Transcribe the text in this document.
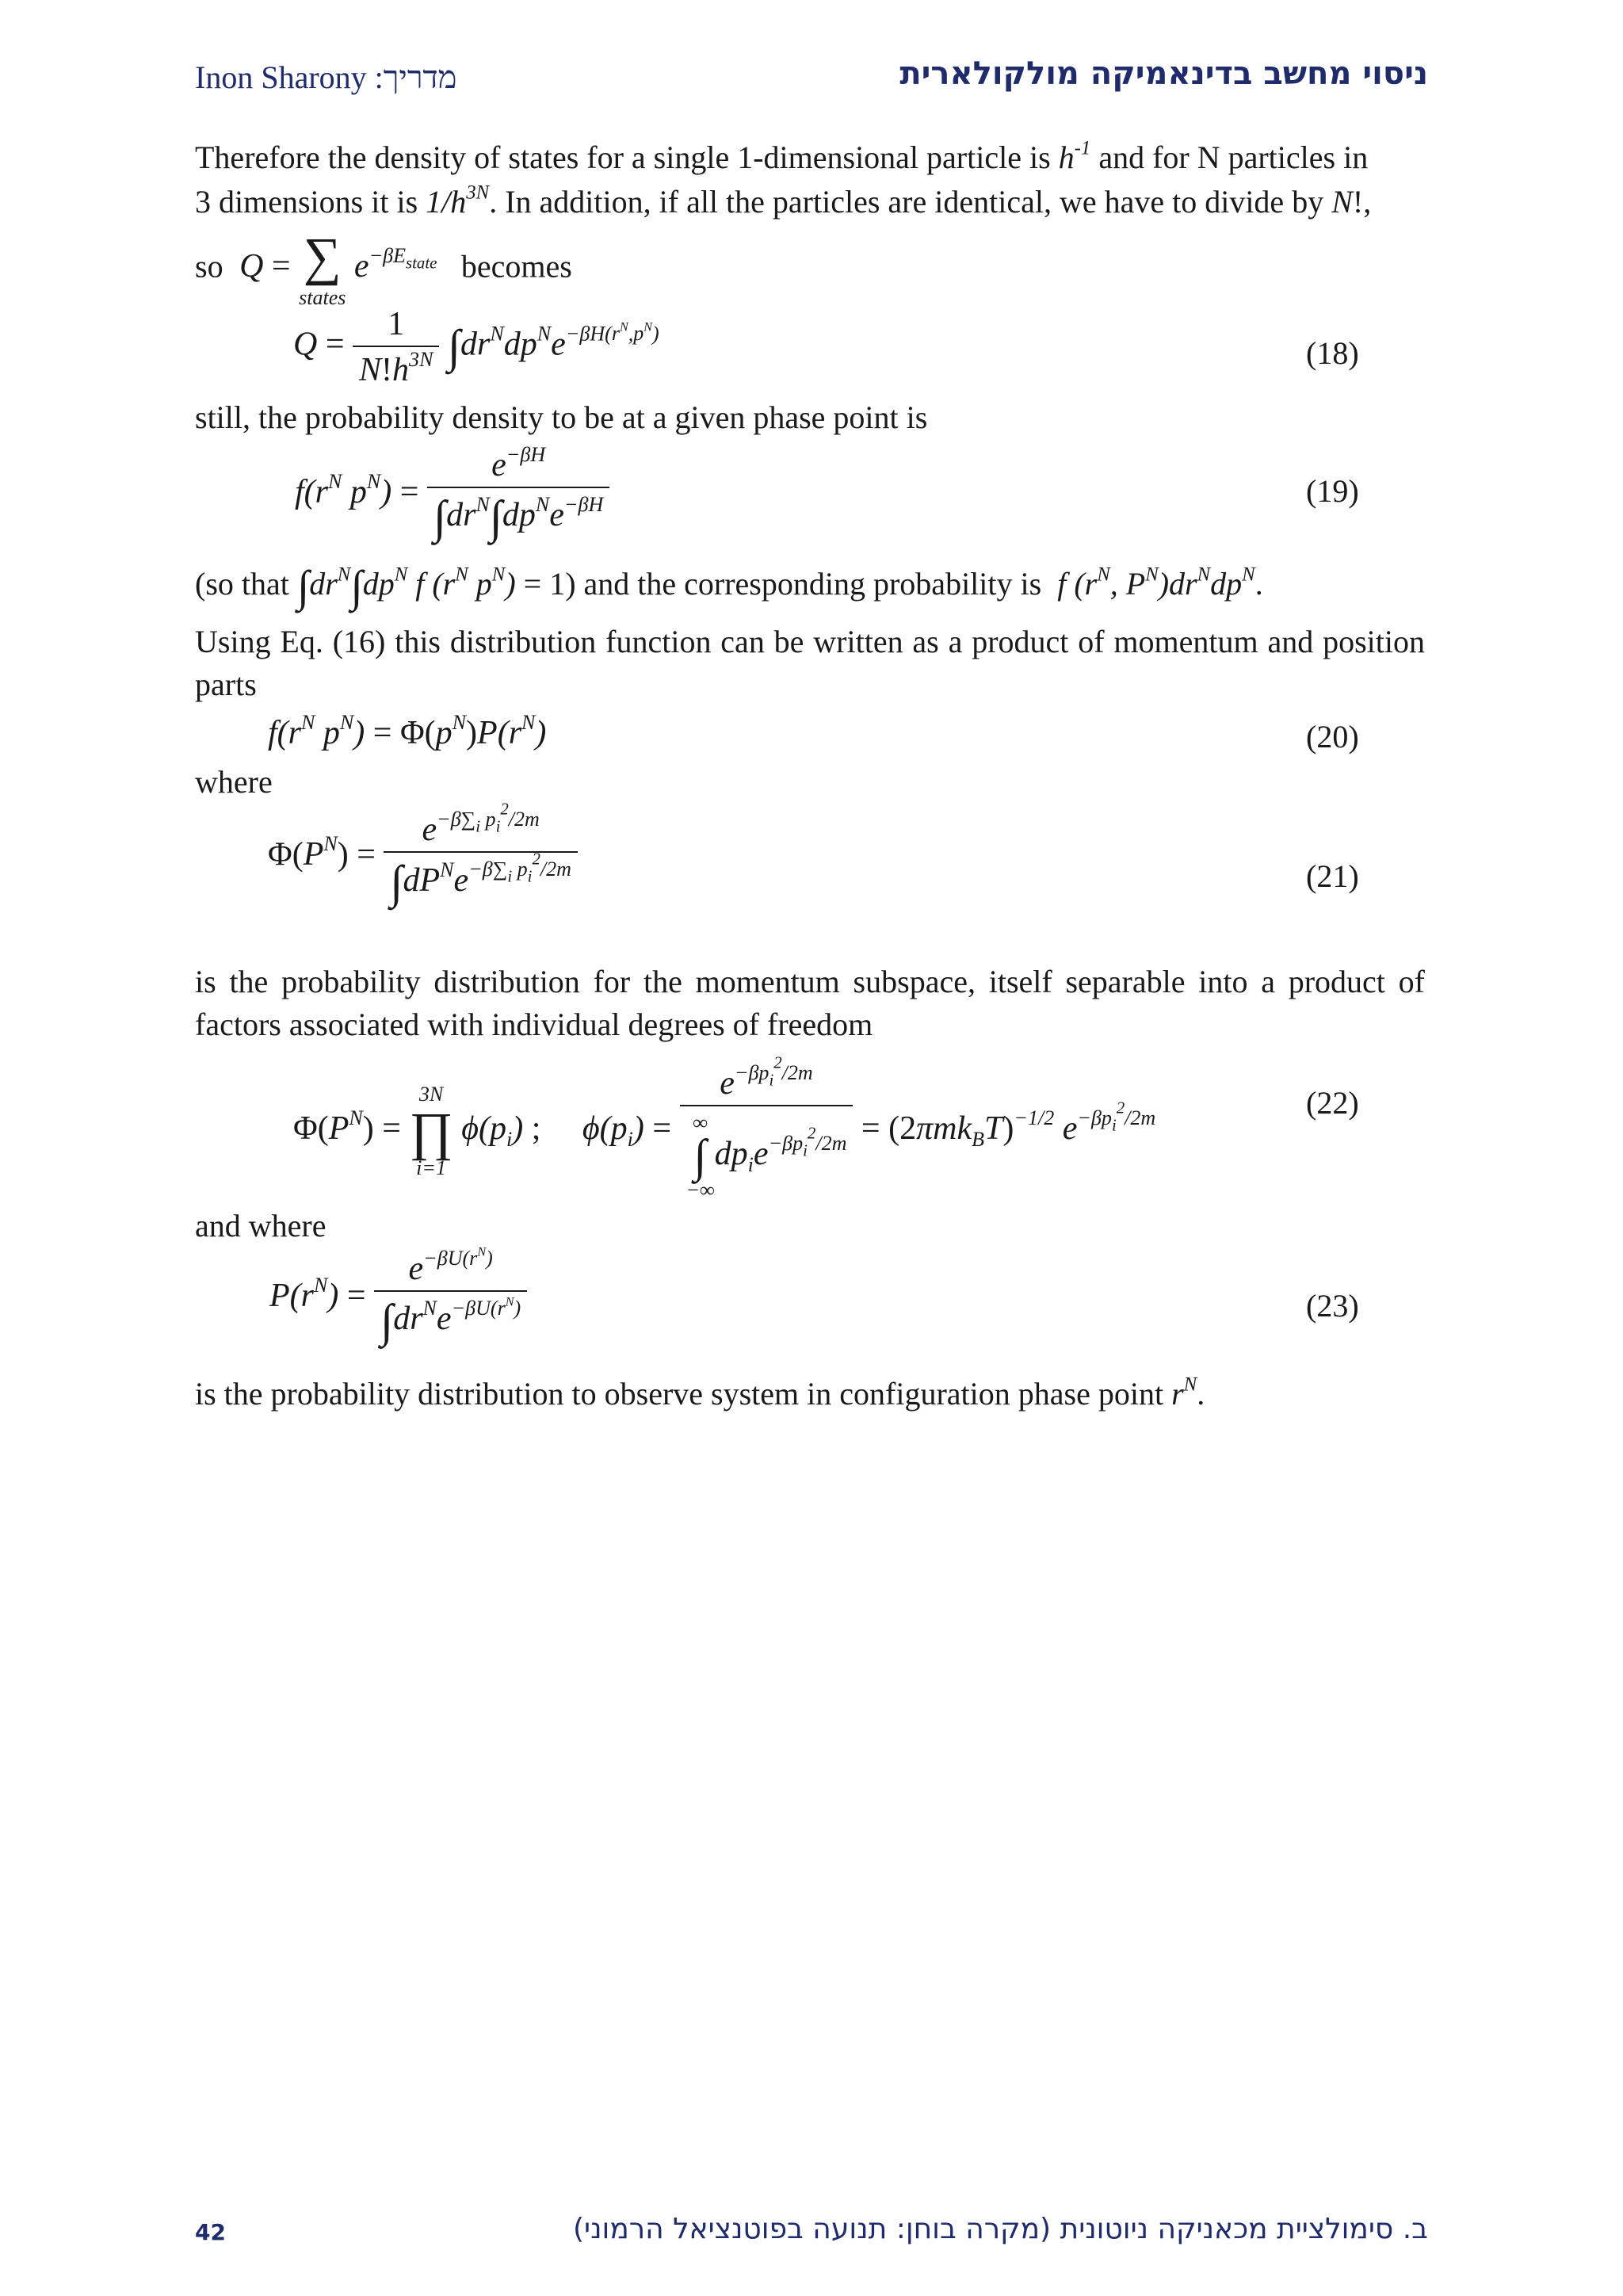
Inon Sharony :מדריך	ניסוי מחשב בדינאמיקה מולקולארית
Therefore the density of states for a single 1-dimensional particle is $h^{-1}$ and for N particles in
3 dimensions it is $1/h^{3N}$. In addition, if all the particles are identical, we have to divide by N!,
so Q = ∑
states
$e^{-\beta E_{state}}$ becomes
$Q = \frac{1}{N!h^{3N}} \int dr^Ndp^Ne^{-\beta H(r^N,p^N)}$
(18)
still, the probability density to be at a given phase point is
$f(r^N$ $p^N) = \frac{e^{-\beta H}}{\int dr^N\int dp^Ne^{-\beta H}}$	(19)
(so that $\int dr^N\int dp^N$ f ($r^N$ $p^N) = 1$) and the corresponding probability is  f ($r^N$, $P^N)dr^Ndp^N$.
Using Eq. (16) this distribution function can be written as a product of momentum and position parts
$f(r^N$ $p^N) = \Phi(p^N)P(r^N)$	(20)
where
$\Phi(P^N) = \frac{e^{-\beta\sum_i p_i^2/2m}}{\int dP^Ne^{-\beta\sum_i p_i^2/2m}}$	(21)
is the probability distribution for the momentum subspace, itself separable into a product of factors associated with individual degrees of freedom
$\Phi(P^N)$ =
3N
∏
i=1
$\phi(p_i)$ ; $\phi(p_i) = e^{-\beta p_i^2/2m}$
∞
∫
−∞
$dp_ie^{-\beta p_i^2/2m} = (2\pi mk_BT)^{-1/2}$ $e^{-\beta p_i^2/2m}$	(22)
and where
$P(r^N) = \frac{e^{-\beta U(r^N)}}{\int dr^Ne^{-\beta U(r^N)}}$	(23)
is the probability distribution to observe system in configuration phase point $r^N$.
42	ב. סימולציית מכאניקה ניוטונית (מקרה בוחן: תנועה בפוטנציאל הרמוני)
